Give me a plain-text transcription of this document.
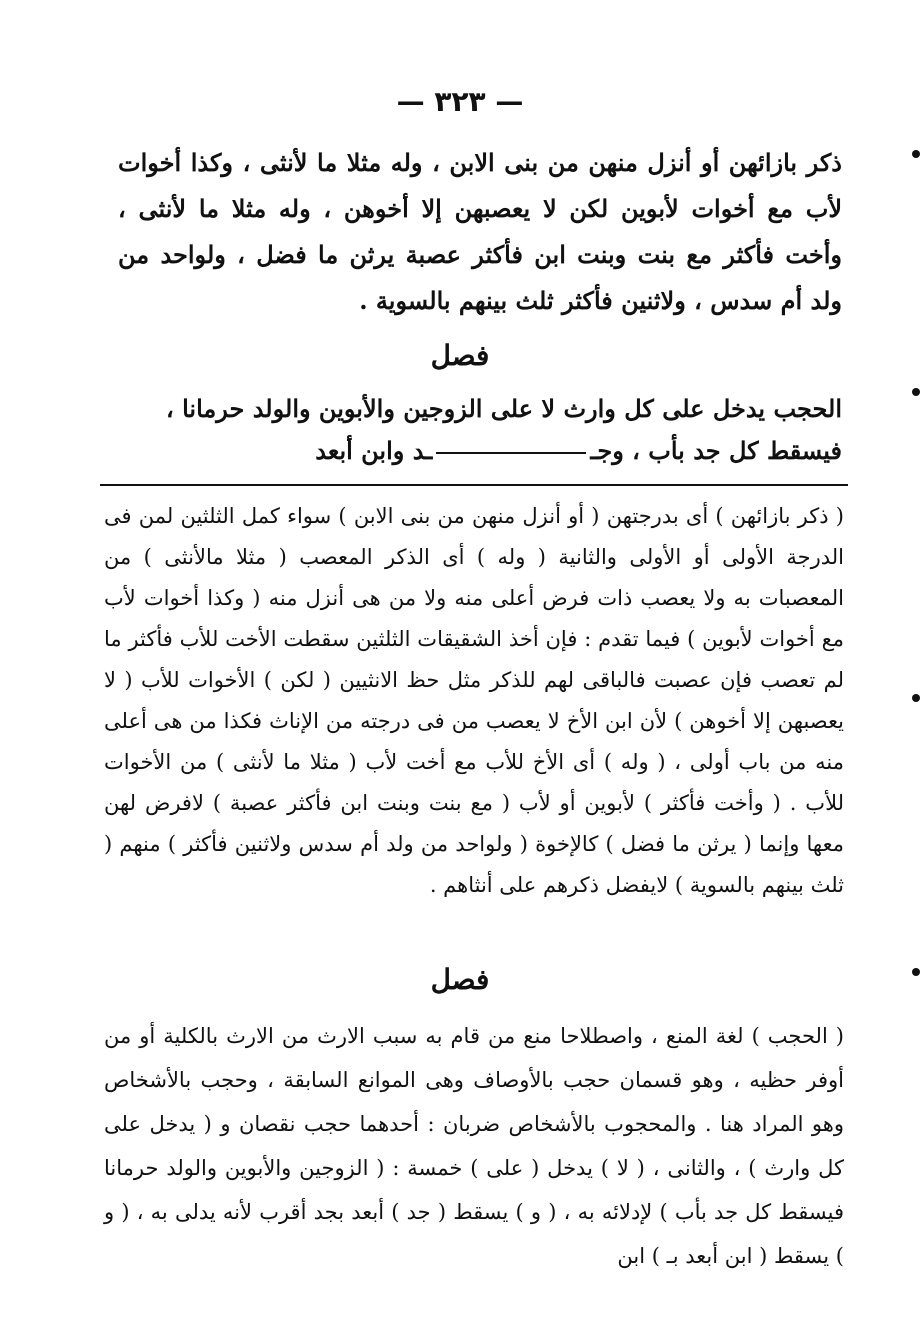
— ٣٢٣ —

ذكر بازائهن أو أنزل منهن من بنى الابن ، وله مثلا ما لأنثى ، وكذا أخوات لأب مع أخوات لأبوين لكن لا يعصبهن إلا أخوهن ، وله مثلا ما لأنثى ، وأخت فأكثر مع بنت وبنت ابن فأكثر عصبة يرثن ما فضل ، ولواحد من ولد أم سدس ، ولاثنين فأكثر ثلث بينهم بالسوية .

فصل
الحجب يدخل على كل وارث لا على الزوجين والأبوين والولد حرمانا ،
فيسقط كل جد بأب ، وجــد وابن أبعد

( ذكر بازائهن ) أى بدرجتهن ( أو أنزل منهن من بنى الابن ) سواء كمل الثلثين لمن فى الدرجة الأولى أو الأولى والثانية ( وله ) أى الذكر المعصب ( مثلا مالأنثى ) من المعصبات به ولا يعصب ذات فرض أعلى منه ولا من هى أنزل منه ( وكذا أخوات لأب مع أخوات لأبوين ) فيما تقدم : فإن أخذ الشقيقات الثلثين سقطت الأخت للأب فأكثر ما لم تعصب فإن عصبت فالباقى لهم للذكر مثل حظ الانثيين ( لكن ) الأخوات للأب ( لا يعصبهن إلا أخوهن ) لأن ابن الأخ لا يعصب من فى درجته من الإناث فكذا من هى أعلى منه من باب أولى ، ( وله ) أى الأخ للأب مع أخت لأب ( مثلا ما لأنثى ) من الأخوات للأب . ( وأخت فأكثر ) لأبوين أو لأب ( مع بنت وبنت ابن فأكثر عصبة ) لافرض لهن معها وإنما ( يرثن ما فضل ) كالإخوة ( ولواحد من ولد أم سدس ولاثنين فأكثر ) منهم ( ثلث بينهم بالسوية ) لايفضل ذكرهم على أنثاهم .

فصل

( الحجب ) لغة المنع ، واصطلاحا منع من قام به سبب الارث من الارث بالكلية أو من أوفر حظيه ، وهو قسمان حجب بالأوصاف وهى الموانع السابقة ، وحجب بالأشخاص وهو المراد هنا . والمحجوب بالأشخاص ضربان : أحدهما حجب نقصان و ( يدخل على كل وارث ) ، والثانى ، ( لا ) يدخل ( على ) خمسة : ( الزوجين والأبوين والولد حرمانا فيسقط كل جد بأب ) لإدلائه به ، ( و ) يسقط ( جد ) أبعد بجد أقرب لأنه يدلى به ، ( و ) يسقط ( ابن أبعد بـ ) ابن
